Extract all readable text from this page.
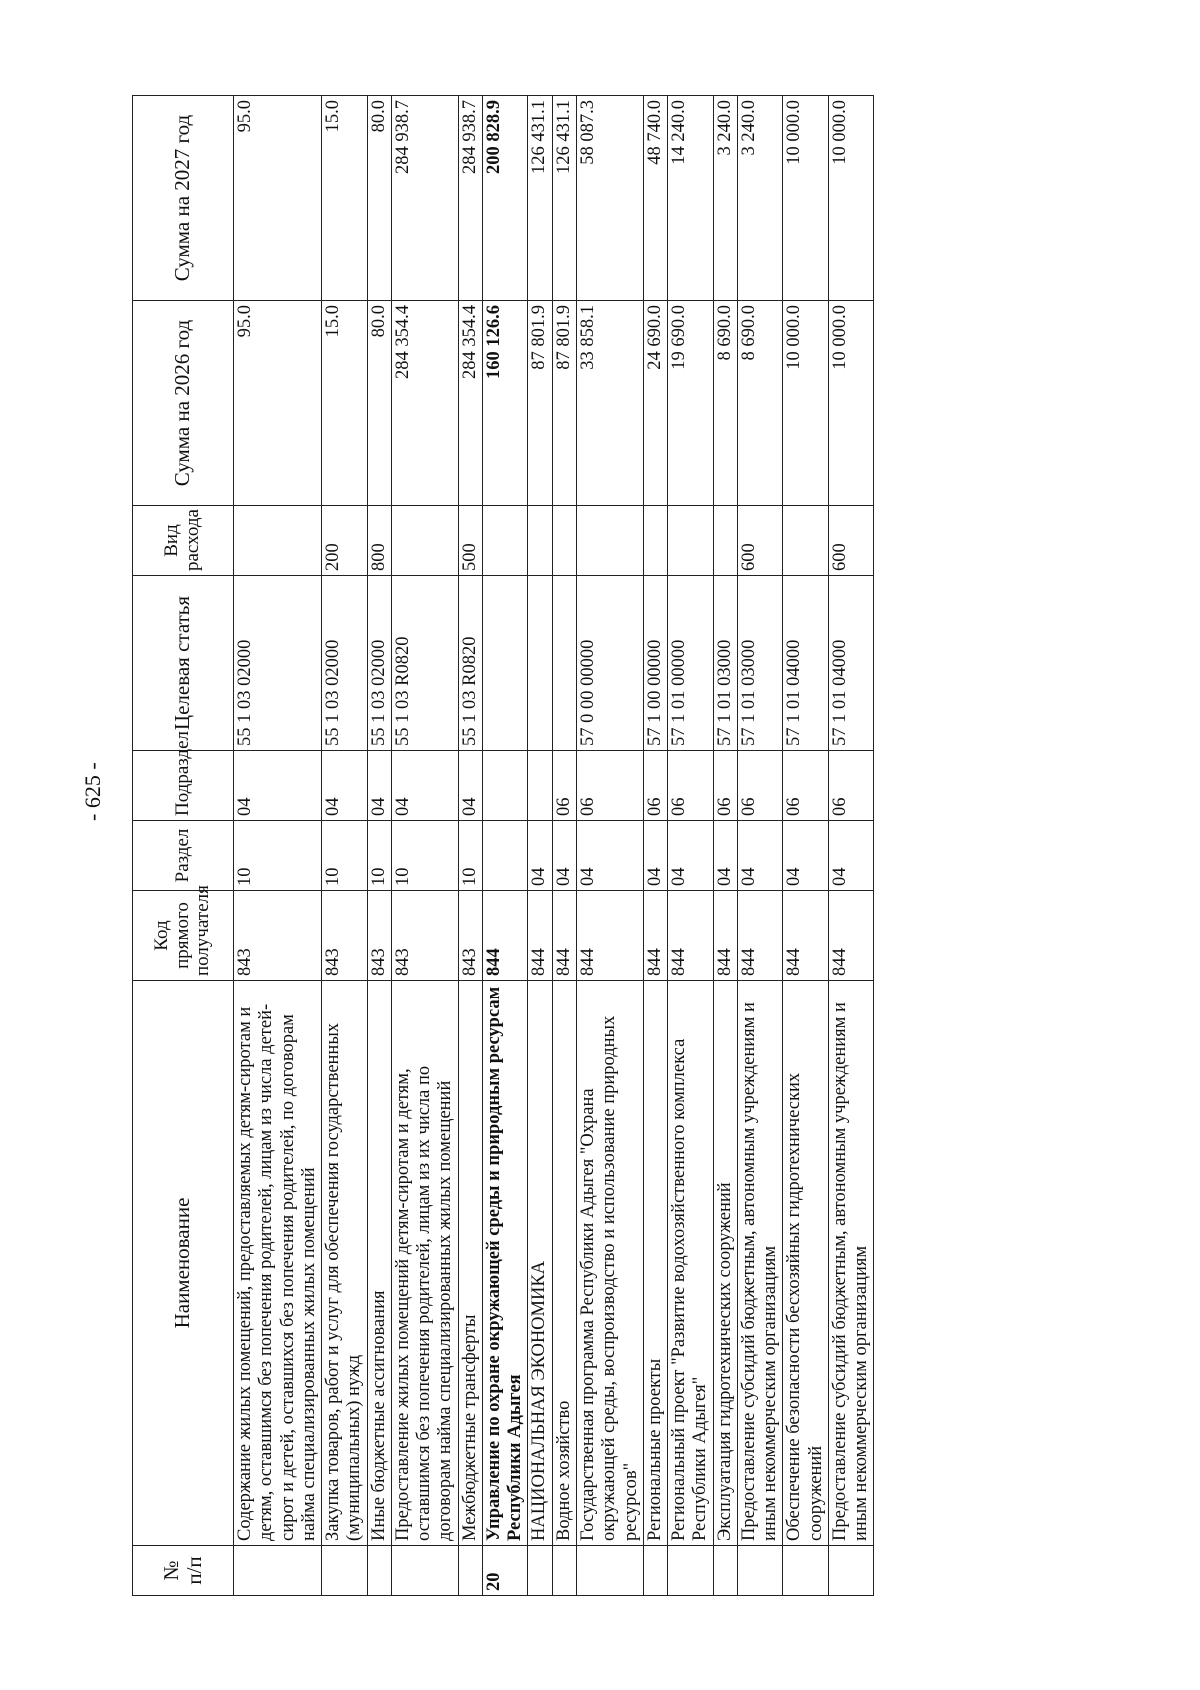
- 625 -
№ п/п	Наименование	Код прямого получателя	Раздел	Подраздел	Целевая статья	Вид расхода	Сумма на 2026 год	Сумма на 2027 год
	Содержание жилых помещений, предоставляемых детям-сиротам и детям, оставшимся без попечения родителей, лицам из числа детей-сирот и детей, оставшихся без попечения родителей, по договорам найма специализированных жилых помещений	843	10	04	55 1 03 02000		95.0	95.0
	Закупка товаров, работ и услуг для обеспечения государственных (муниципальных) нужд	843	10	04	55 1 03 02000	200	15.0	15.0
	Иные бюджетные ассигнования	843	10	04	55 1 03 02000	800	80.0	80.0
	Предоставление жилых помещений детям-сиротам и детям, оставшимся без попечения родителей, лицам из их числа по договорам найма специализированных жилых помещений	843	10	04	55 1 03 R0820		284 354.4	284 938.7
	Межбюджетные трансферты	843	10	04	55 1 03 R0820	500	284 354.4	284 938.7
20	Управление по охране окружающей среды и природным ресурсам Республики Адыгея	844					160 126.6	200 828.9
	НАЦИОНАЛЬНАЯ ЭКОНОМИКА	844	04				87 801.9	126 431.1
	Водное хозяйство	844	04	06			87 801.9	126 431.1
	Государственная программа Республики Адыгея "Охрана окружающей среды, воспроизводство и использование природных ресурсов"	844	04	06	57 0 00 00000		33 858.1	58 087.3
	Региональные проекты	844	04	06	57 1 00 00000		24 690.0	48 740.0
	Региональный проект "Развитие водохозяйственного комплекса Республики Адыгея"	844	04	06	57 1 01 00000		19 690.0	14 240.0
	Эксплуатация гидротехнических сооружений	844	04	06	57 1 01 03000		8 690.0	3 240.0
	Предоставление субсидий бюджетным, автономным учреждениям и иным некоммерческим организациям	844	04	06	57 1 01 03000	600	8 690.0	3 240.0
	Обеспечение безопасности бесхозяйных гидротехнических сооружений	844	04	06	57 1 01 04000		10 000.0	10 000.0
	Предоставление субсидий бюджетным, автономным учреждениям и иным некоммерческим организациям	844	04	06	57 1 01 04000	600	10 000.0	10 000.0
